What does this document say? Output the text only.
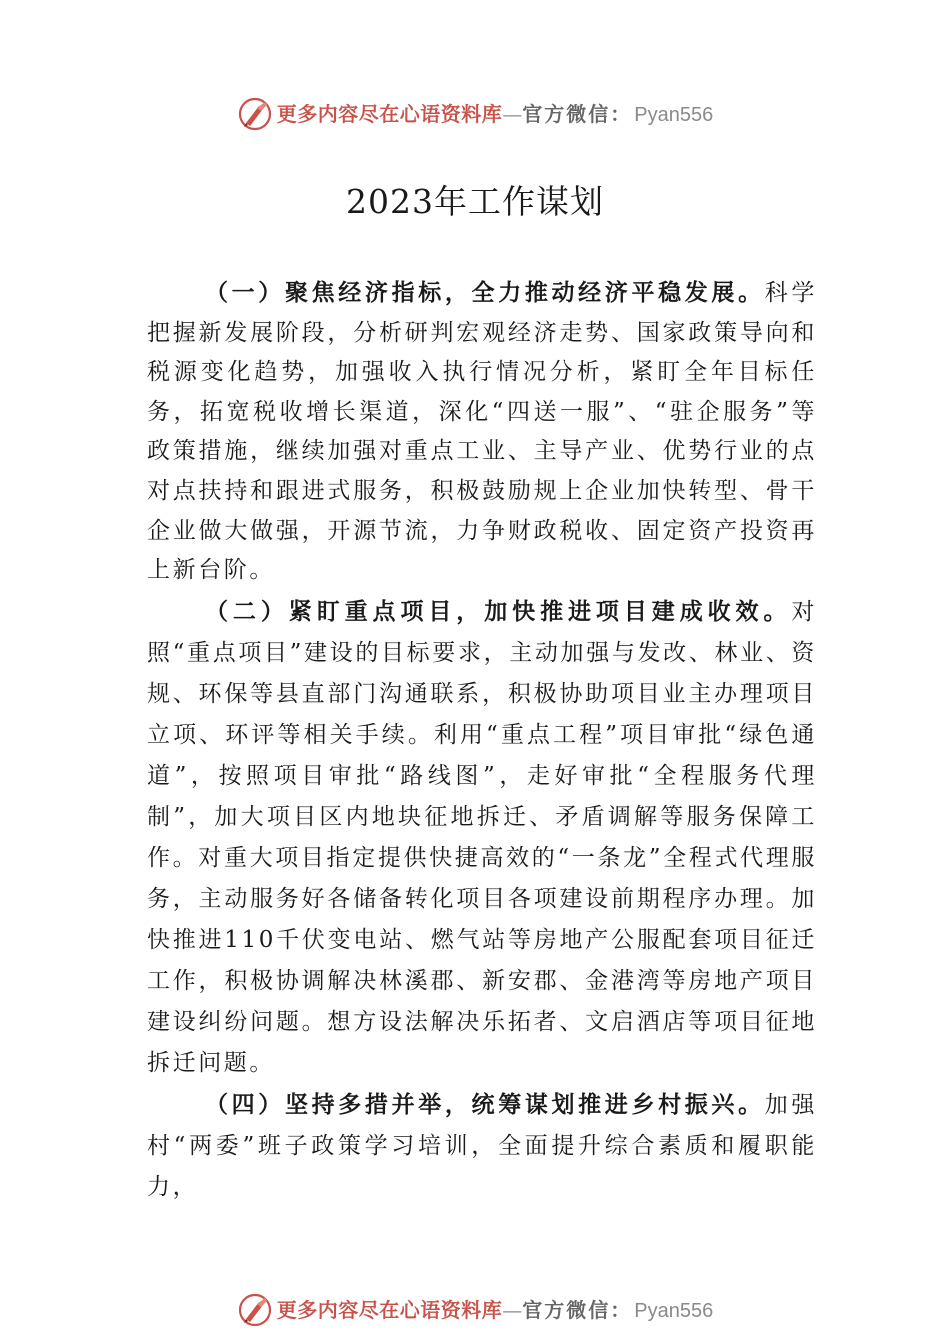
更多内容尽在心语资料库—官方微信： Pyan556
2023年工作谋划

（一）聚焦经济指标，全力推动经济平稳发展。科学把握新发展阶段，分析研判宏观经济走势、国家政策导向和税源变化趋势，加强收入执行情况分析，紧盯全年目标任务，拓宽税收增长渠道，深化“四送一服”、“驻企服务”等政策措施，继续加强对重点工业、主导产业、优势行业的点对点扶持和跟进式服务，积极鼓励规上企业加快转型、骨干企业做大做强，开源节流，力争财政税收、固定资产投资再上新台阶。

（二）紧盯重点项目，加快推进项目建成收效。对照“重点项目”建设的目标要求，主动加强与发改、林业、资规、环保等县直部门沟通联系，积极协助项目业主办理项目立项、环评等相关手续。利用“重点工程”项目审批“绿色通道”，按照项目审批“路线图”，走好审批“全程服务代理制”，加大项目区内地块征地拆迁、矛盾调解等服务保障工作。对重大项目指定提供快捷高效的“一条龙”全程式代理服务，主动服务好各储备转化项目各项建设前期程序办理。加快推进110千伏变电站、燃气站等房地产公服配套项目征迁工作，积极协调解决林溪郡、新安郡、金港湾等房地产项目建设纠纷问题。想方设法解决乐拓者、文启酒店等项目征地拆迁问题。

（四）坚持多措并举，统筹谋划推进乡村振兴。加强村“两委”班子政策学习培训，全面提升综合素质和履职能力，

更多内容尽在心语资料库—官方微信： Pyan556
